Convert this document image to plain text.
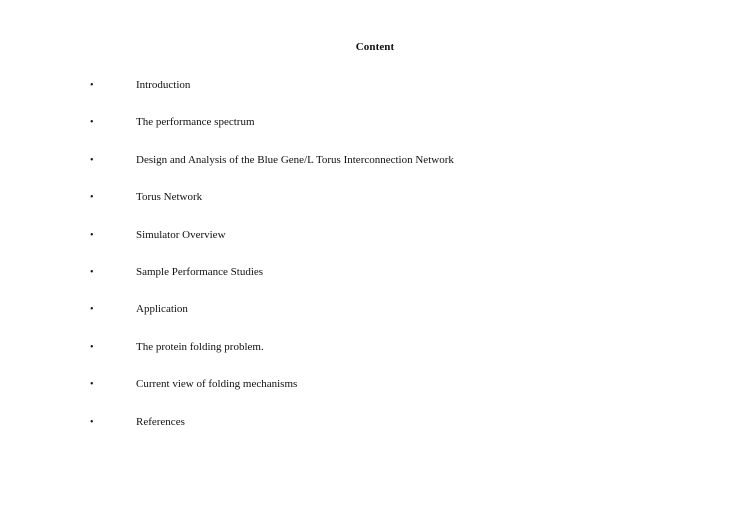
Content
•	Introduction
•	The performance spectrum
•	Design and Analysis of the Blue Gene/L Torus Interconnection Network
•	Torus Network
•	Simulator Overview
•	Sample Performance Studies
•	Application
•	The protein folding problem.
•	Current view of folding mechanisms
•	References
